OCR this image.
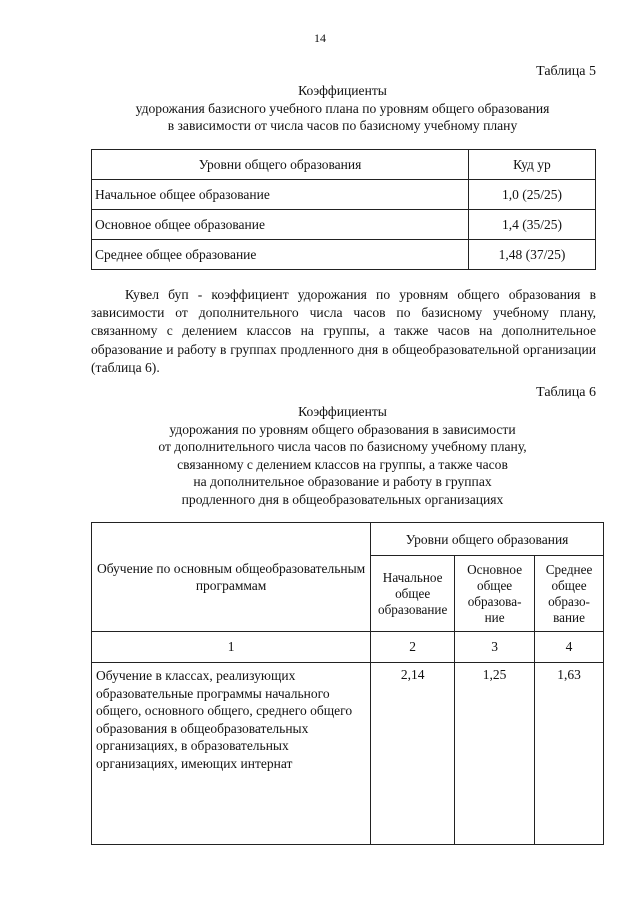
14
Таблица 5
Коэффициенты
удорожания базисного учебного плана по уровням общего образования
в зависимости от числа часов по базисному учебному плану
Уровни общего образования	Куд ур
Начальное общее образование	1,0 (25/25)
Основное общее образование	1,4 (35/25)
Среднее общее образование	1,48 (37/25)

Кувел буп - коэффициент удорожания по уровням общего образования в зависимости от дополнительного числа часов по базисному учебному плану, связанному с делением классов на группы, а также часов на дополнительное образование и работу в группах продленного дня в общеобразовательной организации (таблица 6).

Таблица 6
Коэффициенты
удорожания по уровням общего образования в зависимости
от дополнительного числа часов по базисному учебному плану,
связанному с делением классов на группы, а также часов
на дополнительное образование и работу в группах
продленного дня в общеобразовательных организациях
Обучение по основным общеобразовательным программам	Уровни общего образования		
	Начальное общее образование	Основное общее образова-ние	Среднее общее образо-вание
1	2	3	4
Обучение в классах, реализующих образовательные программы начального общего, основного общего, среднего общего образования в общеобразовательных организациях, в образовательных организациях, имеющих интернат	2,14	1,25	1,63
